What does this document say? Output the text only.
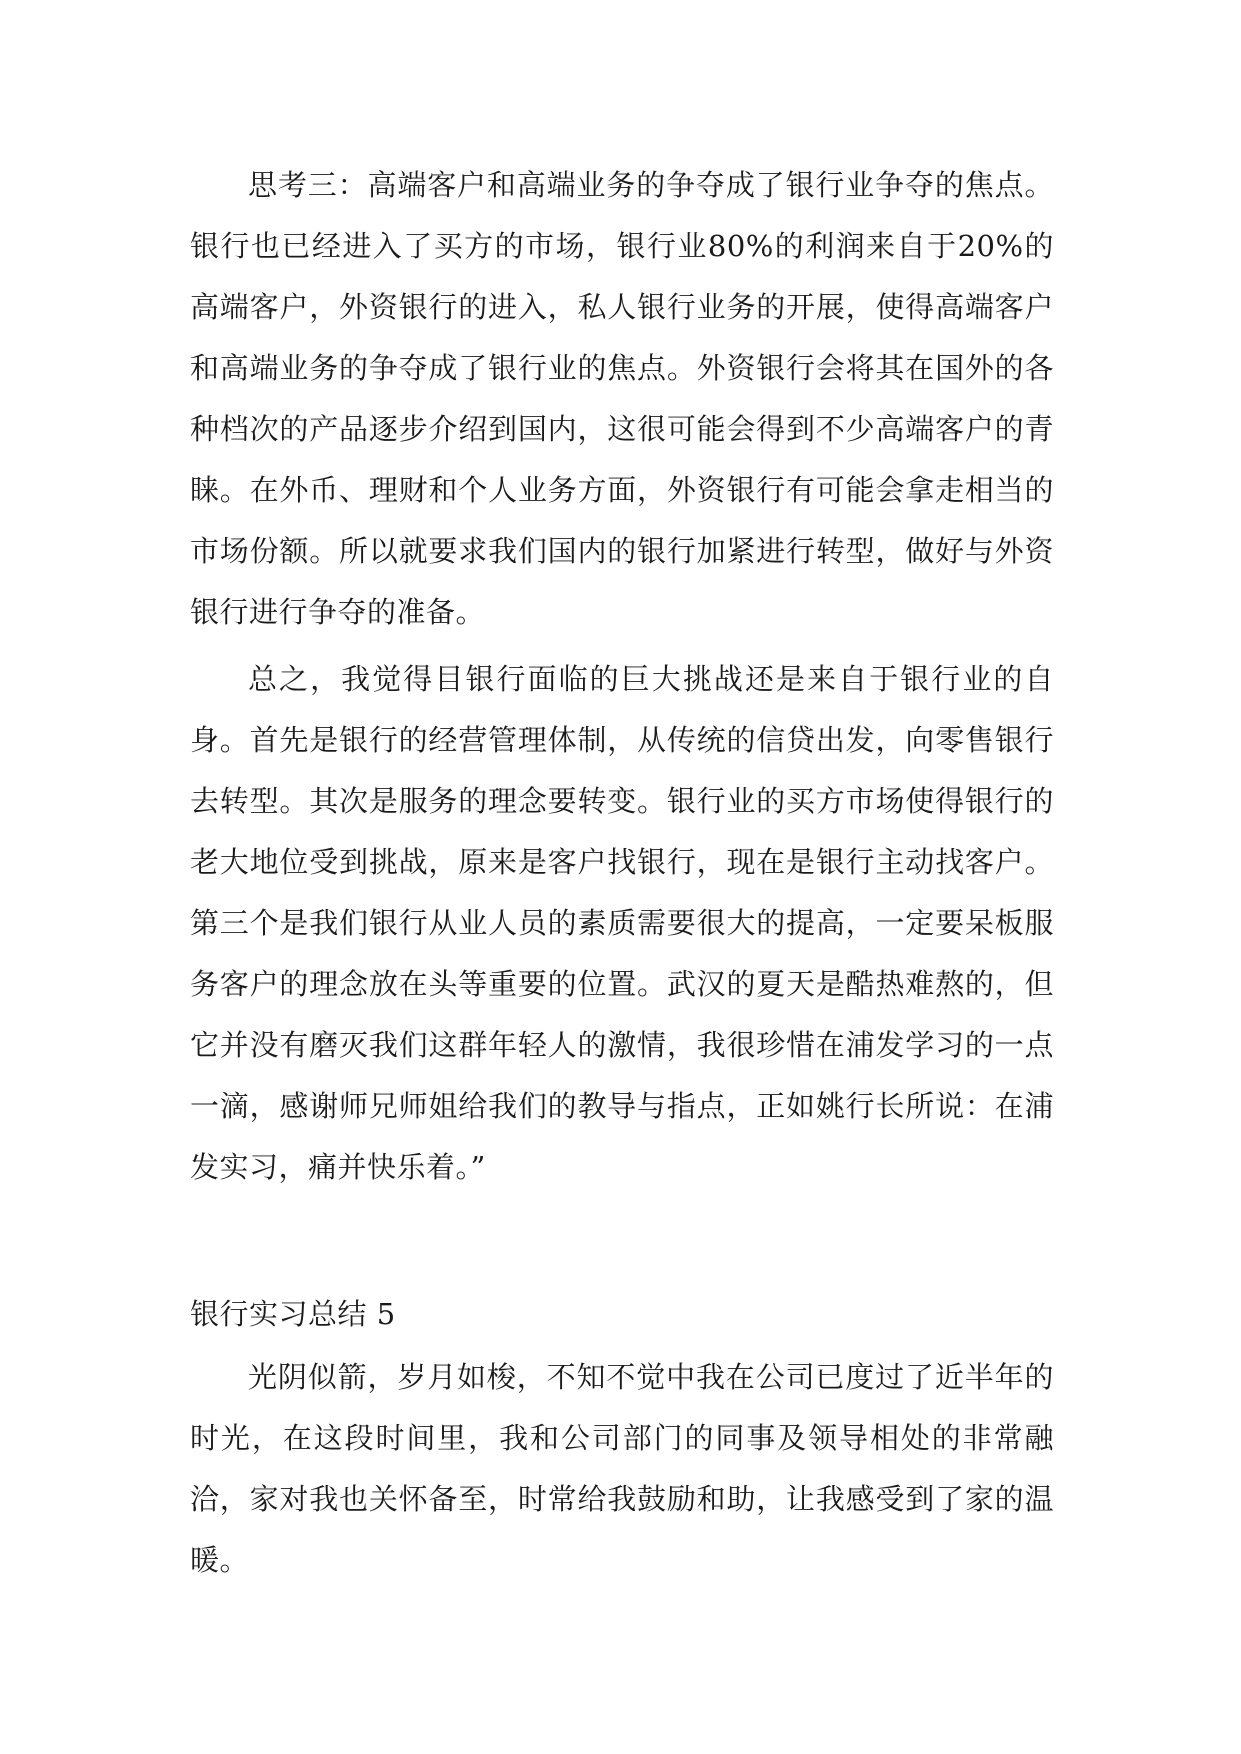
思考三：高端客户和高端业务的争夺成了银行业争夺的焦点。银行也已经进入了买方的市场，银行业80%的利润来自于20%的高端客户，外资银行的进入，私人银行业务的开展，使得高端客户和高端业务的争夺成了银行业的焦点。外资银行会将其在国外的各种档次的产品逐步介绍到国内，这很可能会得到不少高端客户的青睐。在外币、理财和个人业务方面，外资银行有可能会拿走相当的市场份额。所以就要求我们国内的银行加紧进行转型，做好与外资银行进行争夺的准备。

总之，我觉得目银行面临的巨大挑战还是来自于银行业的自身。首先是银行的经营管理体制，从传统的信贷出发，向零售银行去转型。其次是服务的理念要转变。银行业的买方市场使得银行的老大地位受到挑战，原来是客户找银行，现在是银行主动找客户。第三个是我们银行从业人员的素质需要很大的提高，一定要呆板服务客户的理念放在头等重要的位置。武汉的夏天是酷热难熬的，但它并没有磨灭我们这群年轻人的激情，我很珍惜在浦发学习的一点一滴，感谢师兄师姐给我们的教导与指点，正如姚行长所说：在浦发实习，痛并快乐着。”

银行实习总结 5

光阴似箭，岁月如梭，不知不觉中我在公司已度过了近半年的时光，在这段时间里，我和公司部门的同事及领导相处的非常融洽，家对我也关怀备至，时常给我鼓励和助，让我感受到了家的温暖。
